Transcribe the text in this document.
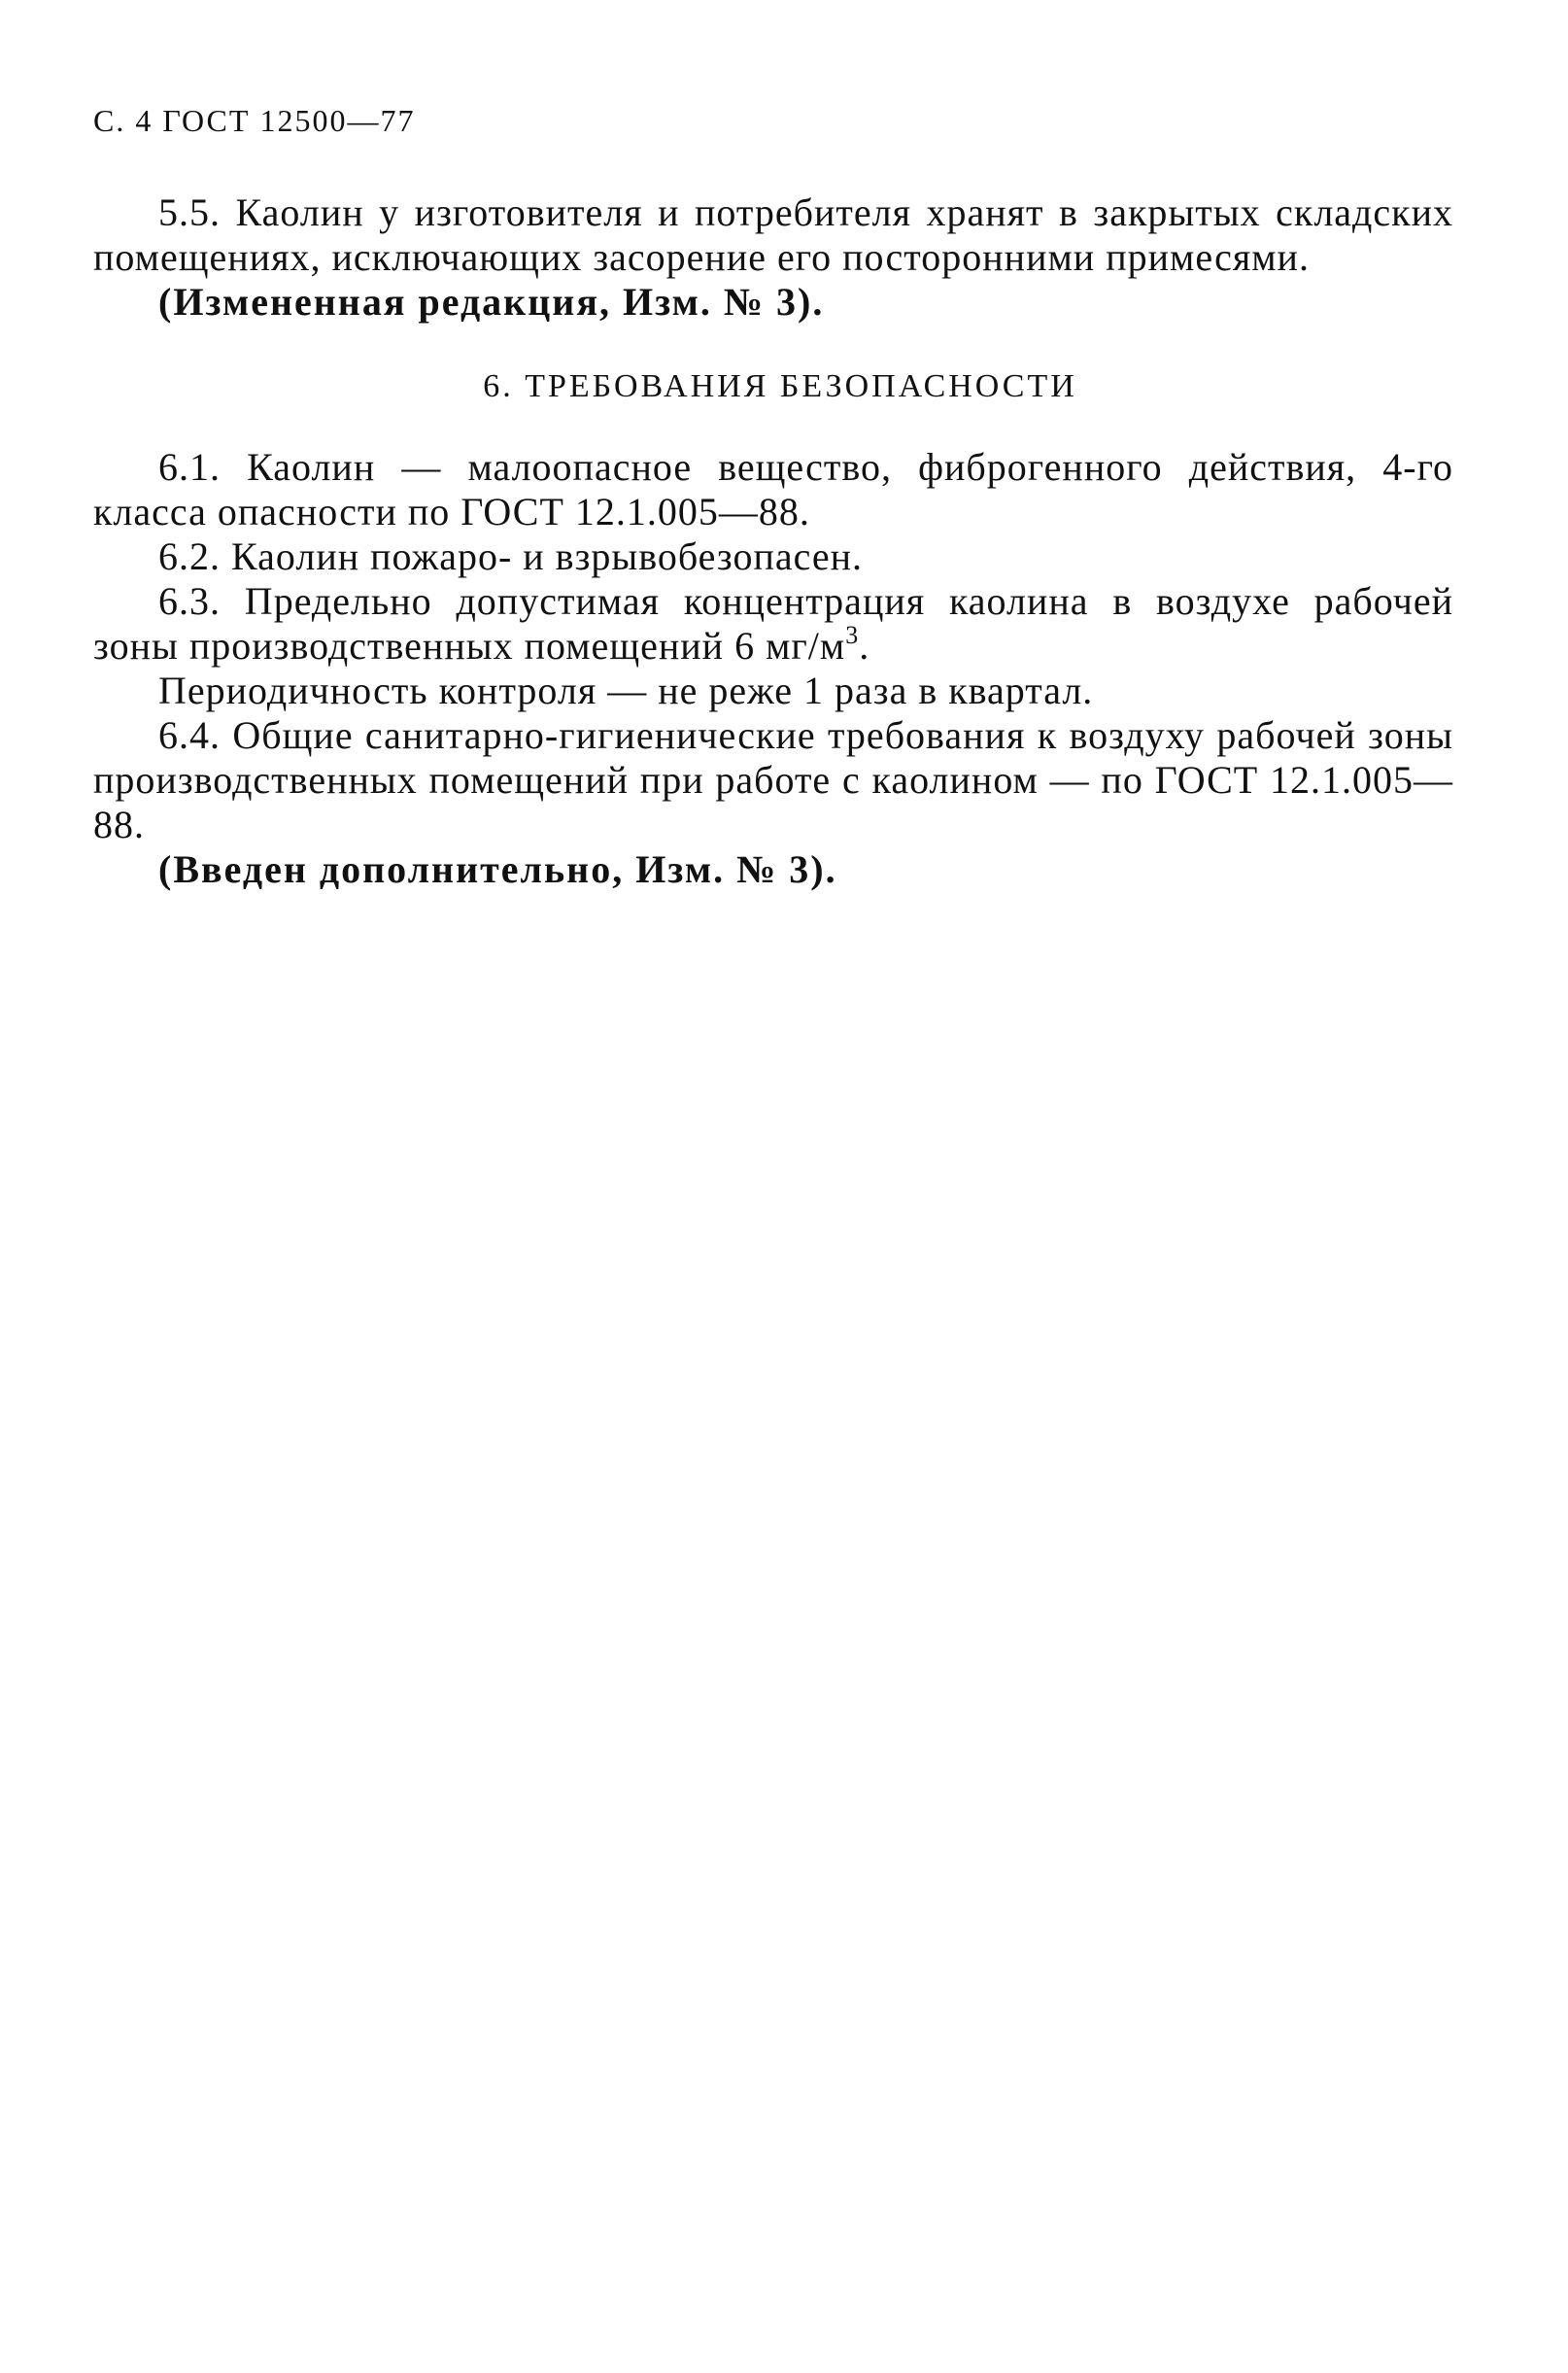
С. 4 ГОСТ 12500—77

5.5. Каолин у изготовителя и потребителя хранят в закрытых складских помещениях, исключающих засорение его посторонними примесями.

(Измененная редакция, Изм. № 3).

6. ТРЕБОВАНИЯ БЕЗОПАСНОСТИ

6.1. Каолин — малоопасное вещество, фиброгенного действия, 4-го класса опасности по ГОСТ 12.1.005—88.

6.2. Каолин пожаро- и взрывобезопасен.

6.3. Предельно допустимая концентрация каолина в воздухе рабочей зоны производственных помещений 6 $мг/м^3$.

Периодичность контроля — не реже 1 раза в квартал.

6.4. Общие санитарно-гигиенические требования к воздуху рабочей зоны производственных помещений при работе с каолином — по ГОСТ 12.1.005—88.

(Введен дополнительно, Изм. № 3).
